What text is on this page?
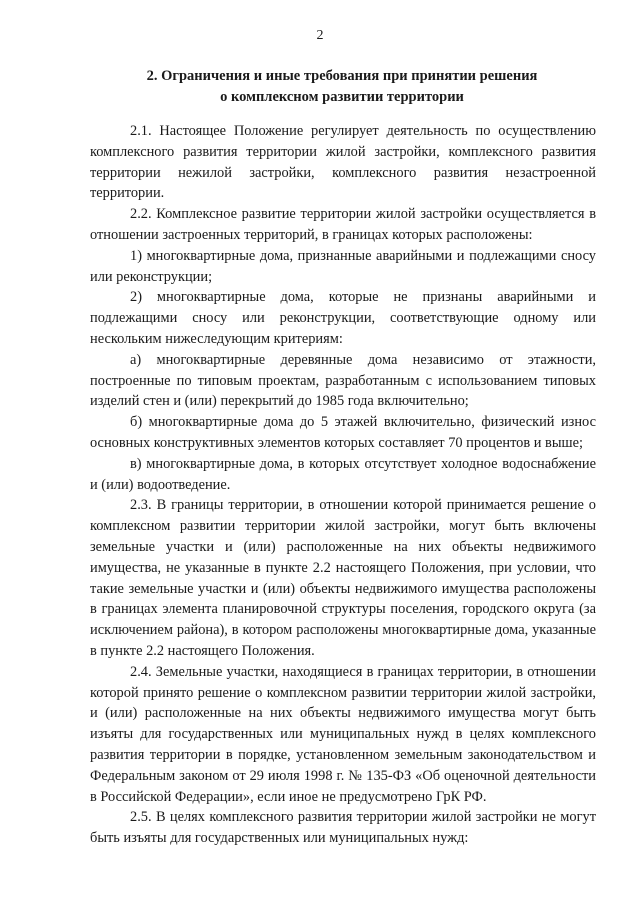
2
2. Ограничения и иные требования при принятии решения
о комплексном развитии территории

2.1. Настоящее Положение регулирует деятельность по осуществлению комплексного развития территории жилой застройки, комплексного развития территории нежилой застройки, комплексного развития незастроенной территории.

2.2. Комплексное развитие территории жилой застройки осуществляется в отношении застроенных территорий, в границах которых расположены:

1) многоквартирные дома, признанные аварийными и подлежащими сносу или реконструкции;

2) многоквартирные дома, которые не признаны аварийными и подлежащими сносу или реконструкции, соответствующие одному или нескольким нижеследующим критериям:

а) многоквартирные деревянные дома независимо от этажности, построенные по типовым проектам, разработанным с использованием типовых изделий стен и (или) перекрытий до 1985 года включительно;

б) многоквартирные дома до 5 этажей включительно, физический износ основных конструктивных элементов которых составляет 70 процентов и выше;

в) многоквартирные дома, в которых отсутствует холодное водоснабжение и (или) водоотведение.

2.3. В границы территории, в отношении которой принимается решение о комплексном развитии территории жилой застройки, могут быть включены земельные участки и (или) расположенные на них объекты недвижимого имущества, не указанные в пункте 2.2 настоящего Положения, при условии, что такие земельные участки и (или) объекты недвижимого имущества расположены в границах элемента планировочной структуры поселения, городского округа (за исключением района), в котором расположены многоквартирные дома, указанные в пункте 2.2 настоящего Положения.

2.4. Земельные участки, находящиеся в границах территории, в отношении которой принято решение о комплексном развитии территории жилой застройки, и (или) расположенные на них объекты недвижимого имущества могут быть изъяты для государственных или муниципальных нужд в целях комплексного развития территории в порядке, установленном земельным законодательством и Федеральным законом от 29 июля 1998 г. № 135-ФЗ «Об оценочной деятельности в Российской Федерации», если иное не предусмотрено ГрК РФ.

2.5. В целях комплексного развития территории жилой застройки не могут быть изъяты для государственных или муниципальных нужд:
